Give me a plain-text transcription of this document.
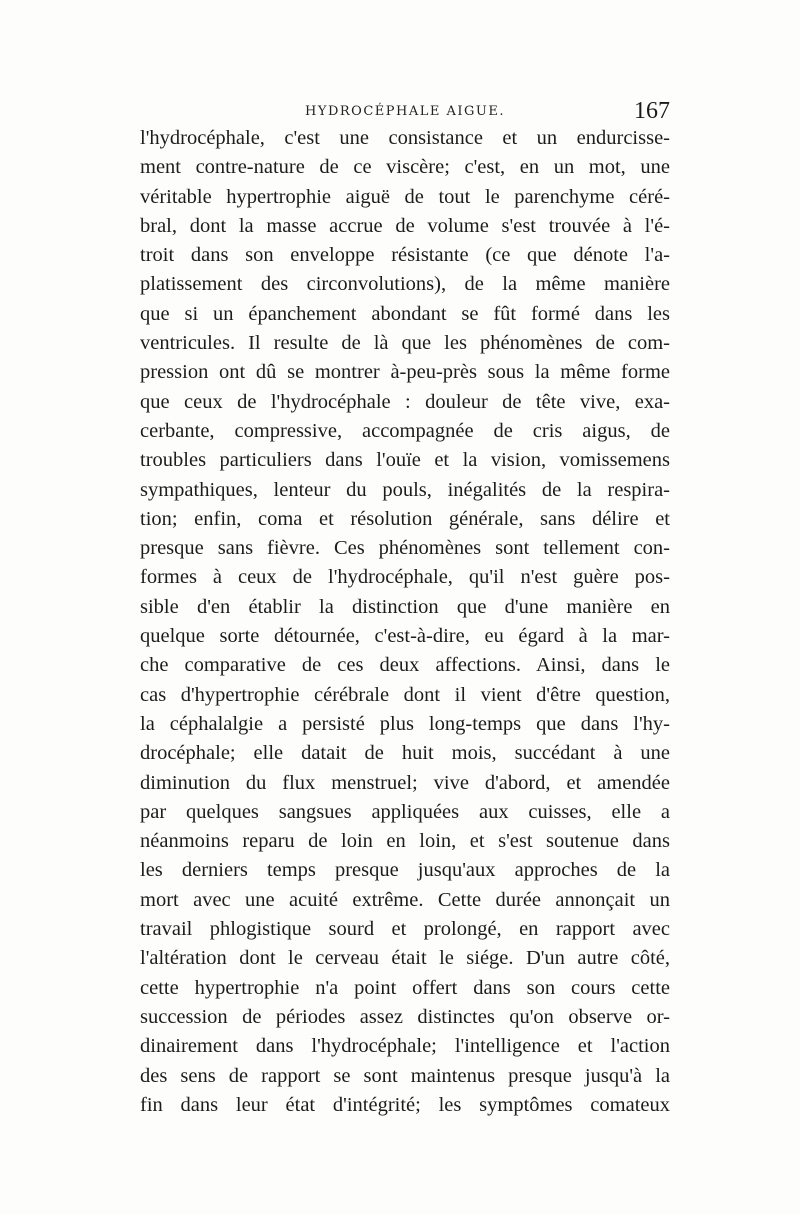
HYDROCÉPHALE AIGUE.	167
l'hydrocéphale, c'est une consistance et un endurcisse-
ment contre-nature de ce viscère; c'est, en un mot, une
véritable hypertrophie aiguë de tout le parenchyme céré-
bral, dont la masse accrue de volume s'est trouvée à l'é-
troit dans son enveloppe résistante (ce que dénote l'a-
platissement des circonvolutions), de la même manière
que si un épanchement abondant se fût formé dans les
ventricules. Il resulte de là que les phénomènes de com-
pression ont dû se montrer à-peu-près sous la même forme
que ceux de l'hydrocéphale : douleur de tête vive, exa-
cerbante, compressive, accompagnée de cris aigus, de
troubles particuliers dans l'ouïe et la vision, vomissemens
sympathiques, lenteur du pouls, inégalités de la respira-
tion; enfin, coma et résolution générale, sans délire et
presque sans fièvre. Ces phénomènes sont tellement con-
formes à ceux de l'hydrocéphale, qu'il n'est guère pos-
sible d'en établir la distinction que d'une manière en
quelque sorte détournée, c'est-à-dire, eu égard à la mar-
che comparative de ces deux affections. Ainsi, dans le
cas d'hypertrophie cérébrale dont il vient d'être question,
la céphalalgie a persisté plus long-temps que dans l'hy-
drocéphale; elle datait de huit mois, succédant à une
diminution du flux menstruel; vive d'abord, et amendée
par quelques sangsues appliquées aux cuisses, elle a
néanmoins reparu de loin en loin, et s'est soutenue dans
les derniers temps presque jusqu'aux approches de la
mort avec une acuité extrême. Cette durée annonçait un
travail phlogistique sourd et prolongé, en rapport avec
l'altération dont le cerveau était le siége. D'un autre côté,
cette hypertrophie n'a point offert dans son cours cette
succession de périodes assez distinctes qu'on observe or-
dinairement dans l'hydrocéphale; l'intelligence et l'action
des sens de rapport se sont maintenus presque jusqu'à la
fin dans leur état d'intégrité; les symptômes comateux
